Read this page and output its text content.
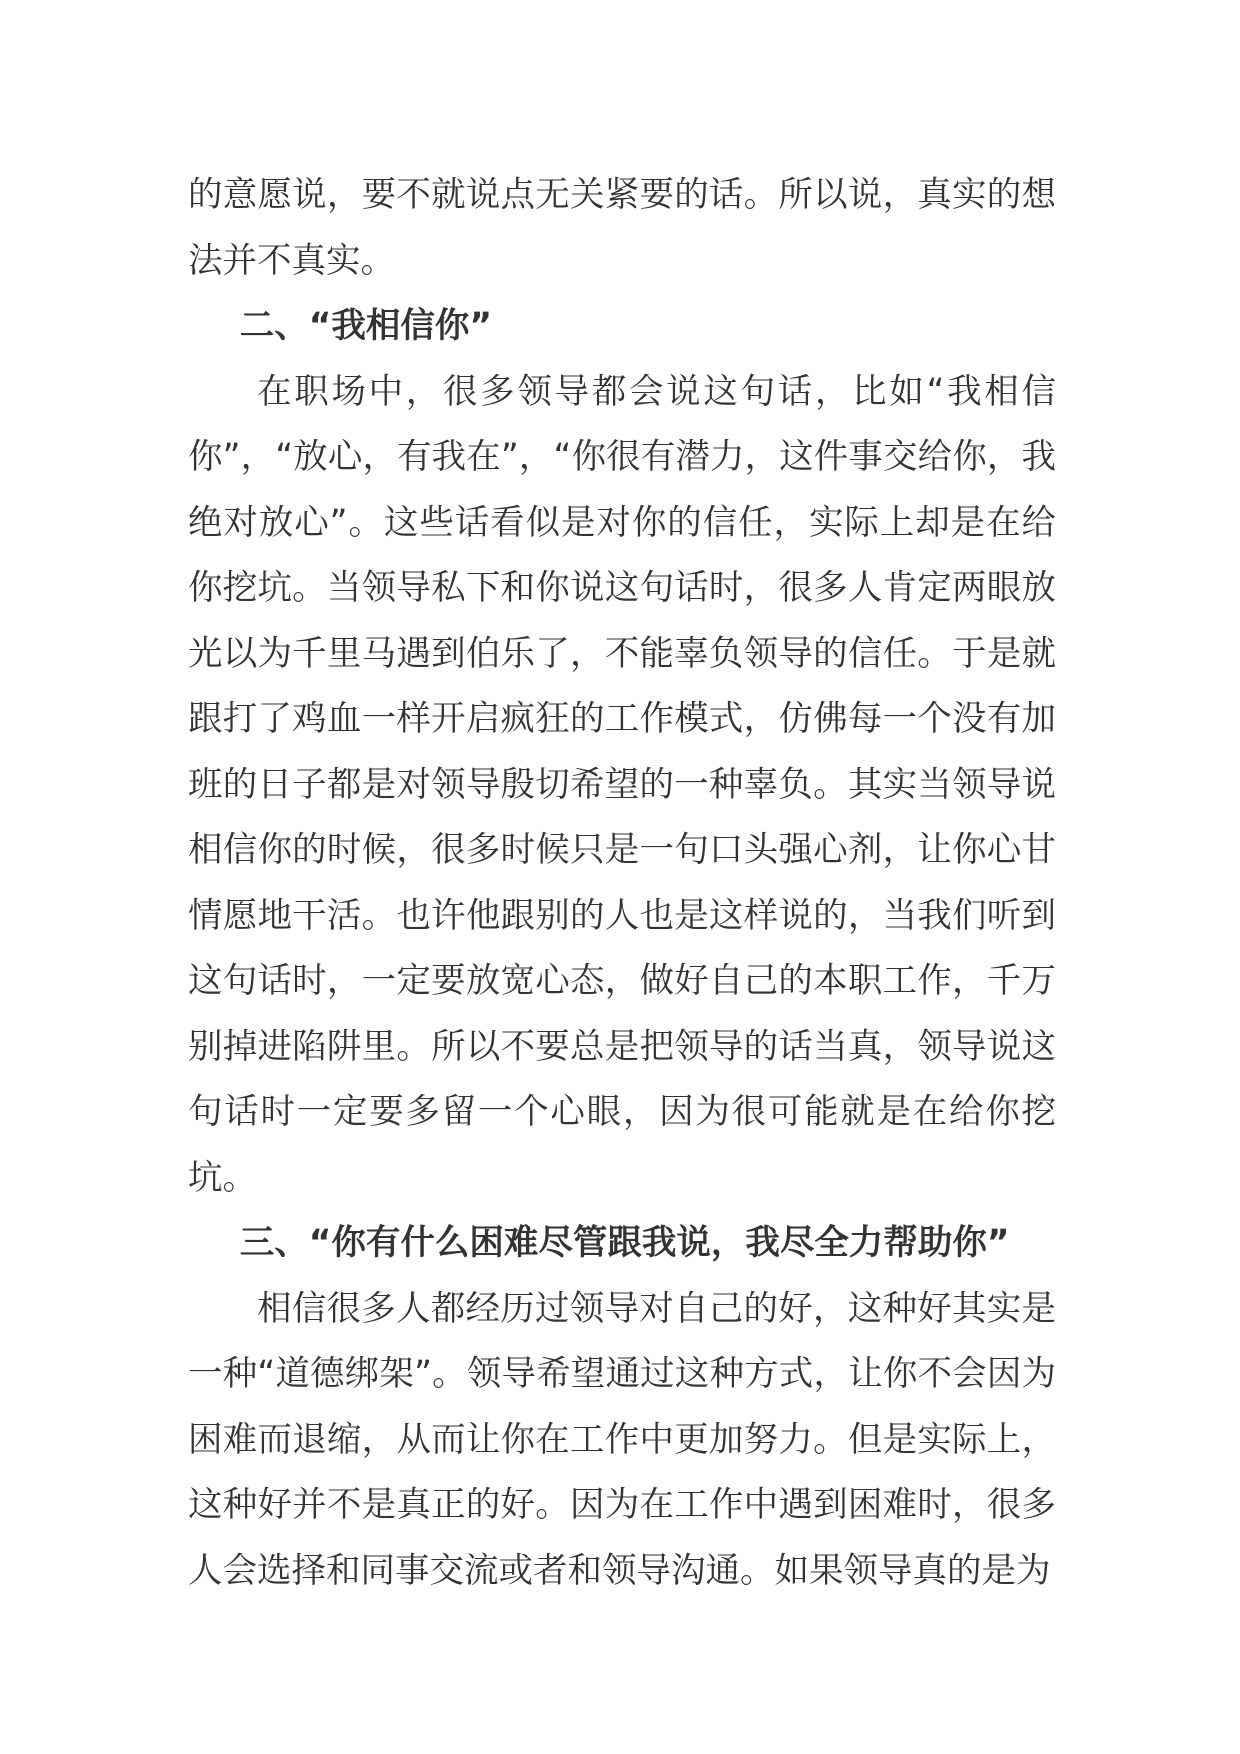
的意愿说，要不就说点无关紧要的话。所以说，真实的想法并不真实。

二、“我相信你”

在职场中，很多领导都会说这句话，比如“我相信你”，“放心，有我在”，“你很有潜力，这件事交给你，我绝对放心”。这些话看似是对你的信任，实际上却是在给你挖坑。当领导私下和你说这句话时，很多人肯定两眼放光以为千里马遇到伯乐了，不能辜负领导的信任。于是就跟打了鸡血一样开启疯狂的工作模式，仿佛每一个没有加班的日子都是对领导殷切希望的一种辜负。其实当领导说相信你的时候，很多时候只是一句口头强心剂，让你心甘情愿地干活。也许他跟别的人也是这样说的，当我们听到这句话时，一定要放宽心态，做好自己的本职工作，千万别掉进陷阱里。所以不要总是把领导的话当真，领导说这句话时一定要多留一个心眼，因为很可能就是在给你挖坑。

三、“你有什么困难尽管跟我说，我尽全力帮助你”

相信很多人都经历过领导对自己的好，这种好其实是一种“道德绑架”。领导希望通过这种方式，让你不会因为困难而退缩，从而让你在工作中更加努力。但是实际上，这种好并不是真正的好。因为在工作中遇到困难时，很多人会选择和同事交流或者和领导沟通。如果领导真的是为
